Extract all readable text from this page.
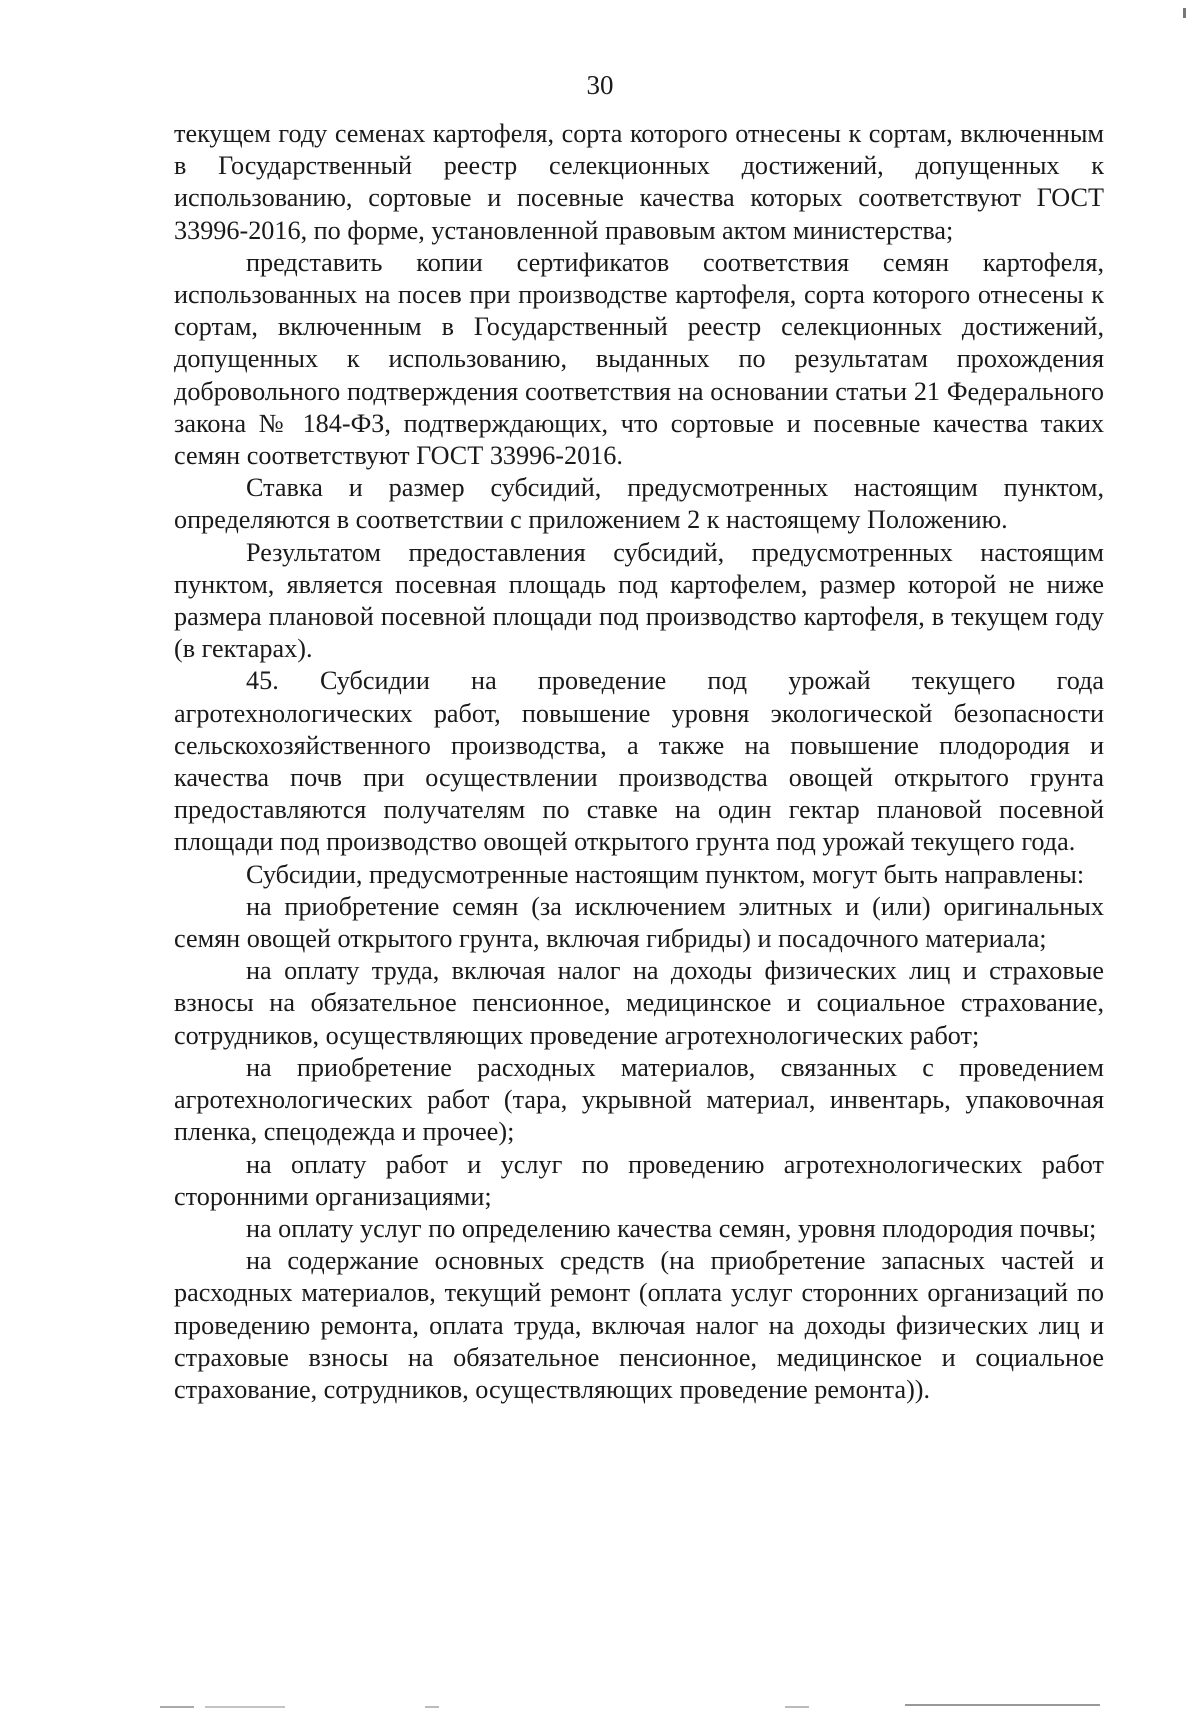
30

текущем году семенах картофеля, сорта которого отнесены к сортам, включенным в Государственный реестр селекционных достижений, допущенных к использованию, сортовые и посевные качества которых соответствуют ГОСТ 33996-2016, по форме, установленной правовым актом министерства;

представить копии сертификатов соответствия семян картофеля, использованных на посев при производстве картофеля, сорта которого отнесены к сортам, включенным в Государственный реестр селекционных достижений, допущенных к использованию, выданных по результатам прохождения добровольного подтверждения соответствия на основании статьи 21 Федерального закона № 184-ФЗ, подтверждающих, что сортовые и посевные качества таких семян соответствуют ГОСТ 33996-2016.

Ставка и размер субсидий, предусмотренных настоящим пунктом, определяются в соответствии с приложением 2 к настоящему Положению.

Результатом предоставления субсидий, предусмотренных настоящим пунктом, является посевная площадь под картофелем, размер которой не ниже размера плановой посевной площади под производство картофеля, в текущем году (в гектарах).

45. Субсидии на проведение под урожай текущего года агротехнологических работ, повышение уровня экологической безопасности сельскохозяйственного производства, а также на повышение плодородия и качества почв при осуществлении производства овощей открытого грунта предоставляются получателям по ставке на один гектар плановой посевной площади под производство овощей открытого грунта под урожай текущего года.

Субсидии, предусмотренные настоящим пунктом, могут быть направлены:

на приобретение семян (за исключением элитных и (или) оригинальных семян овощей открытого грунта, включая гибриды) и посадочного материала;

на оплату труда, включая налог на доходы физических лиц и страховые взносы на обязательное пенсионное, медицинское и социальное страхование, сотрудников, осуществляющих проведение агротехнологических работ;

на приобретение расходных материалов, связанных с проведением агротехнологических работ (тара, укрывной материал, инвентарь, упаковочная пленка, спецодежда и прочее);

на оплату работ и услуг по проведению агротехнологических работ сторонними организациями;

на оплату услуг по определению качества семян, уровня плодородия почвы;

на содержание основных средств (на приобретение запасных частей и расходных материалов, текущий ремонт (оплата услуг сторонних организаций по проведению ремонта, оплата труда, включая налог на доходы физических лиц и страховые взносы на обязательное пенсионное, медицинское и социальное страхование, сотрудников, осуществляющих проведение ремонта)).
